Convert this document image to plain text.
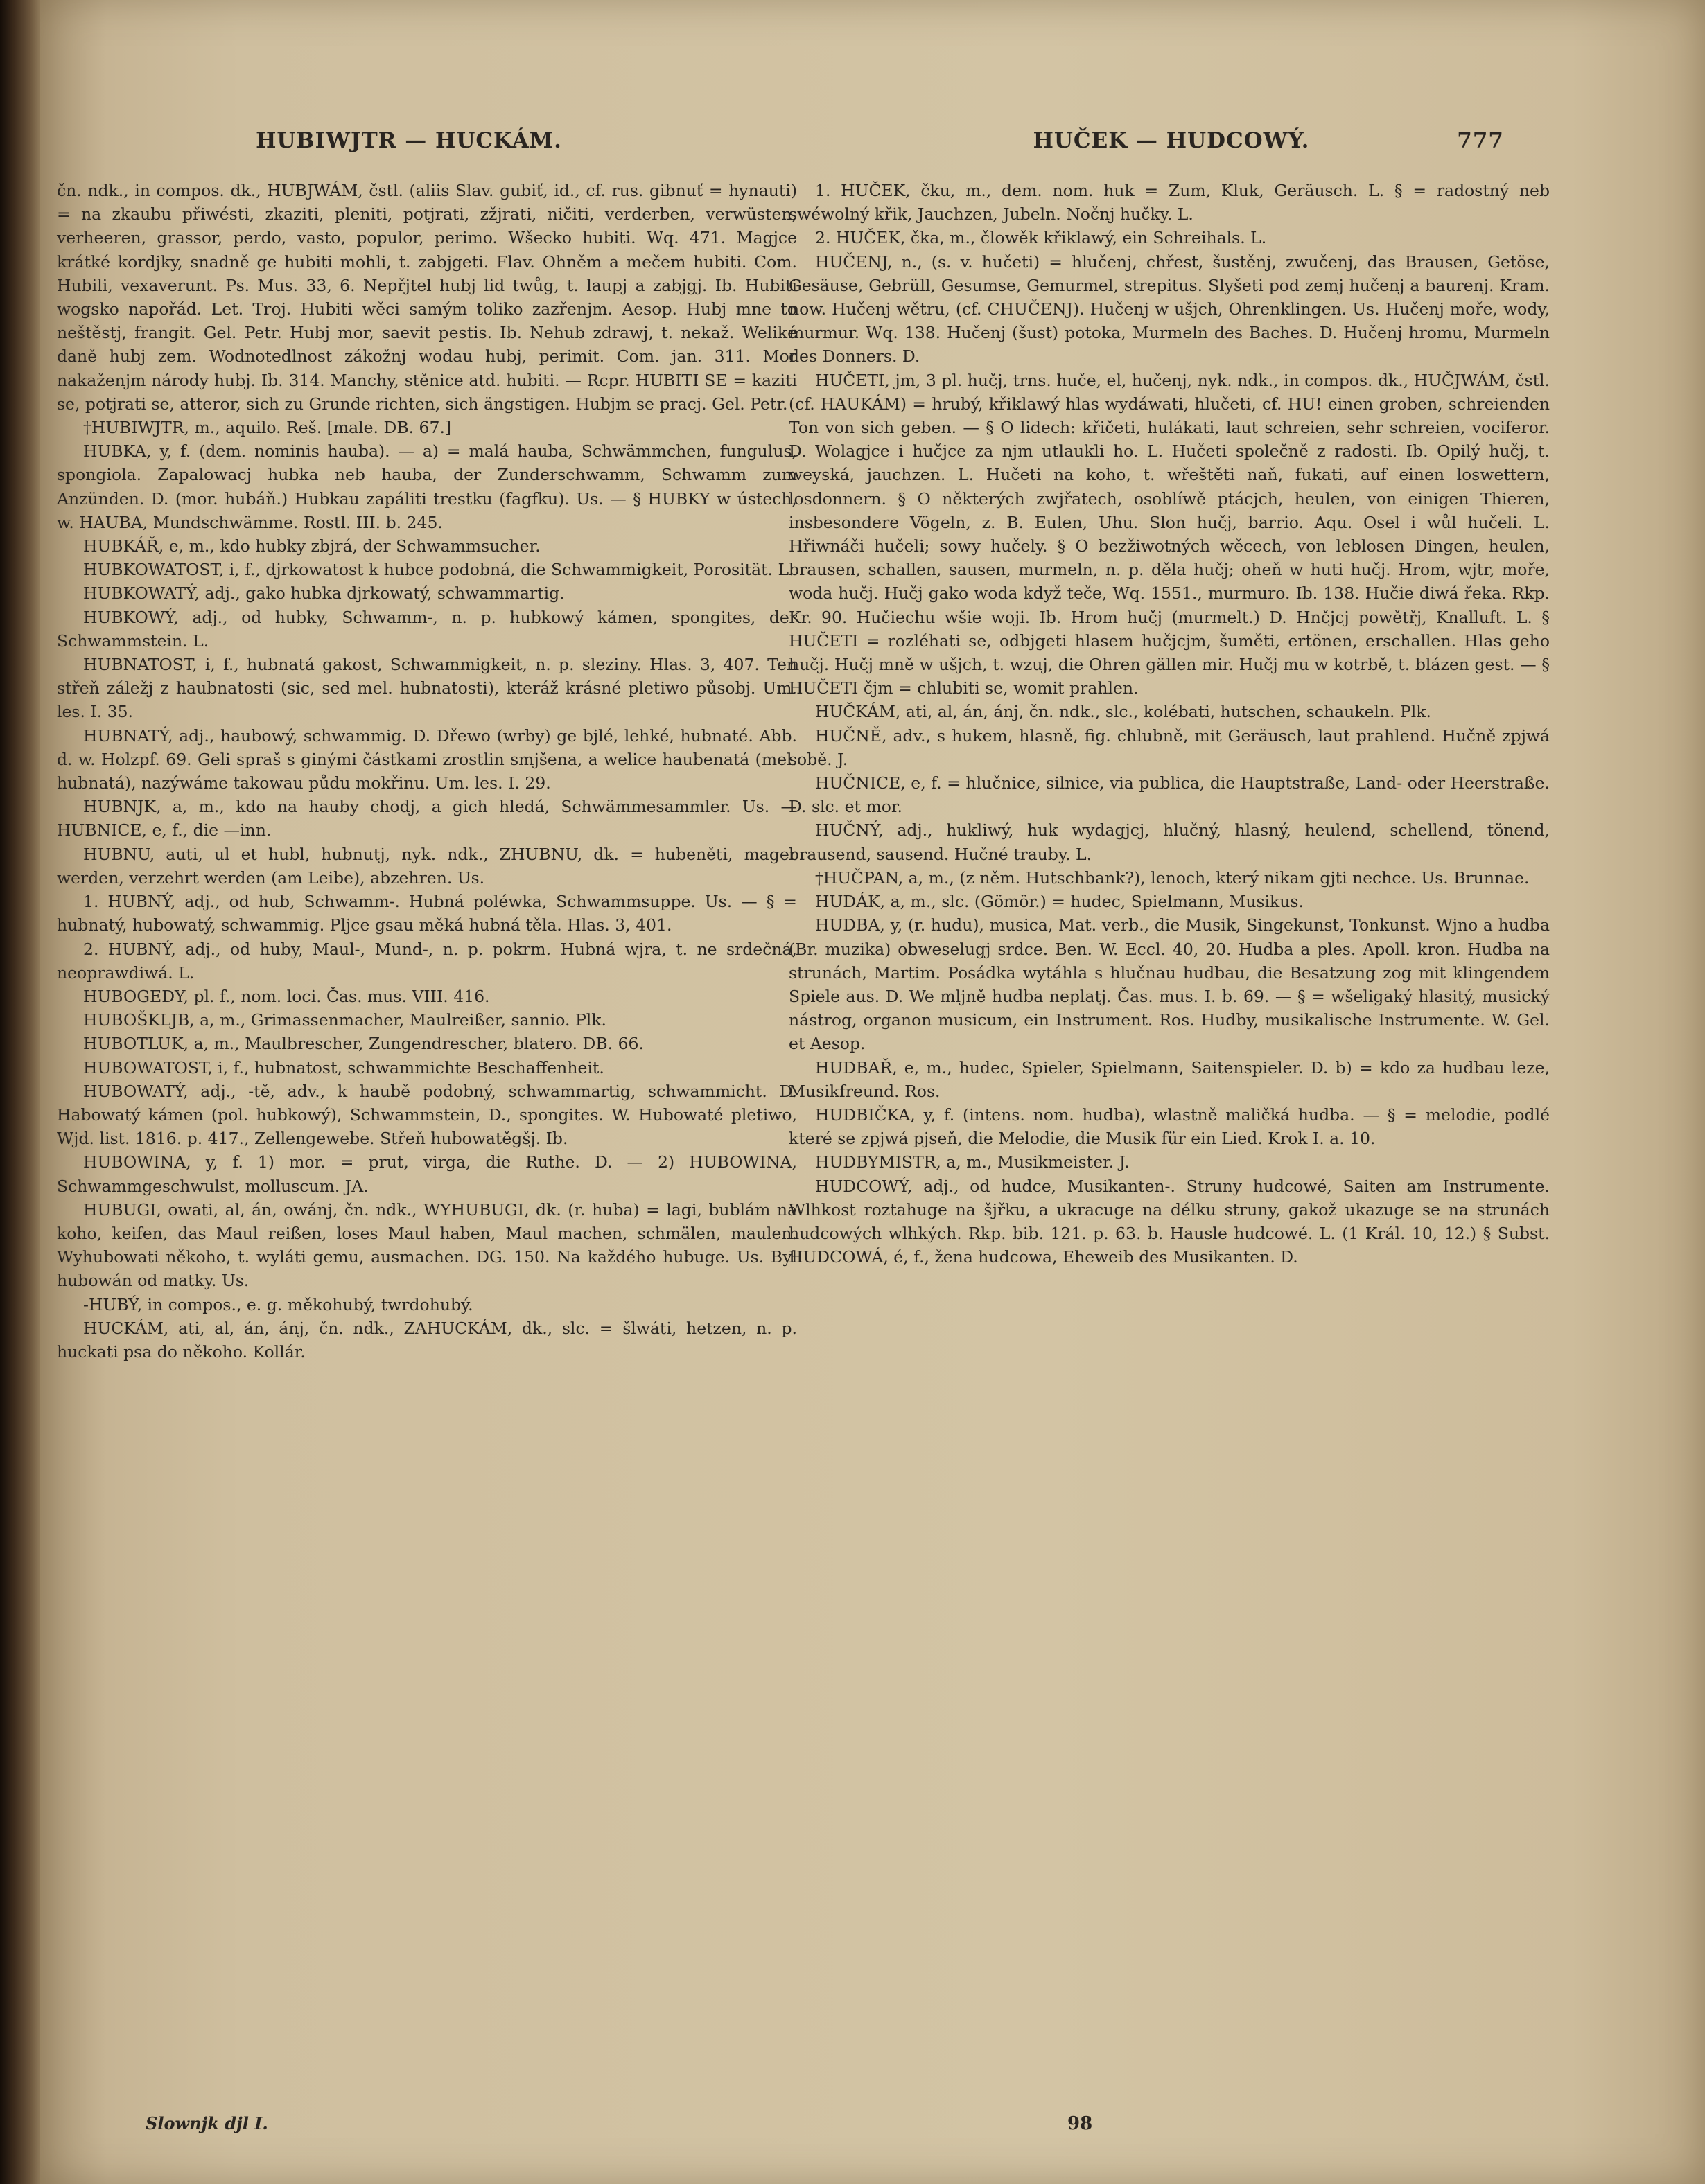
HUBIWJTR — HUCKÁM.	HUČEK — HUDCOWÝ.	777

čn. ndk., in compos. dk., HUBJWÁM, čstl. (aliis Slav. gubiť, id., cf. rus. gibnuť = hynauti) = na zkaubu přiwésti, zkaziti, pleniti, potjrati, zžjrati, ničiti, verderben, verwüsten, verheeren, grassor, perdo, vasto, populor, perimo. Wšecko hubiti. Wq. 471. Magjce krátké kordjky, snadně ge hubiti mohli, t. zabjgeti. Flav. Ohněm a mečem hubiti. Com. Hubili, vexaverunt. Ps. Mus. 33, 6. Nepřjtel hubj lid twůg, t. laupj a zabjgj. Ib. Hubiti wogsko napořád. Let. Troj. Hubiti wěci samým toliko zazřenjm. Aesop. Hubj mne to neštěstj, frangit. Gel. Petr. Hubj mor, saevit pestis. Ib. Nehub zdrawj, t. nekaž. Weliké daně hubj zem. Wodnotedlnost zákožnj wodau hubj, perimit. Com. jan. 311. Mor nakaženjm národy hubj. Ib. 314. Manchy, stěnice atd. hubiti. — Rcpr. HUBITI SE = kaziti se, potjrati se, atteror, sich zu Grunde richten, sich ängstigen. Hubjm se pracj. Gel. Petr.

†HUBIWJTR, m., aquilo. Reš. [male. DB. 67.]

HUBKA, y, f. (dem. nominis hauba). — a) = malá hauba, Schwämmchen, fungulus, spongiola. Zapalowacj hubka neb hauba, der Zunderschwamm, Schwamm zum Anzünden. D. (mor. hubáň.) Hubkau zapáliti trestku (fagfku). Us. — § HUBKY w ústech, w. HAUBA, Mundschwämme. Rostl. III. b. 245.

HUBKÁŘ, e, m., kdo hubky zbjrá, der Schwammsucher.

HUBKOWATOST, i, f., djrkowatost k hubce podobná, die Schwammigkeit, Porosität. L.

HUBKOWATÝ, adj., gako hubka djrkowatý, schwammartig.

HUBKOWÝ, adj., od hubky, Schwamm-, n. p. hubkowý kámen, spongites, der Schwammstein. L.

HUBNATOST, i, f., hubnatá gakost, Schwammigkeit, n. p. sleziny. Hlas. 3, 407. Ten střeň záležj z haubnatosti (sic, sed mel. hubnatosti), kteráž krásné pletiwo působj. Um. les. I. 35.

HUBNATÝ, adj., haubowý, schwammig. D. Dřewo (wrby) ge bjlé, lehké, hubnaté. Abb. d. w. Holzpf. 69. Geli spraš s ginými částkami zrostlin smjšena, a welice haubenatá (mel. hubnatá), nazýwáme takowau půdu mokřinu. Um. les. I. 29.

HUBNJK, a, m., kdo na hauby chodj, a gich hledá, Schwämmesammler. Us. — HUBNICE, e, f., die —inn.

HUBNU, auti, ul et hubl, hubnutj, nyk. ndk., ZHUBNU, dk. = hubeněti, mager werden, verzehrt werden (am Leibe), abzehren. Us.

1. HUBNÝ, adj., od hub, Schwamm-. Hubná poléwka, Schwammsuppe. Us. — § = hubnatý, hubowatý, schwammig. Pljce gsau měká hubná těla. Hlas. 3, 401.

2. HUBNÝ, adj., od huby, Maul-, Mund-, n. p. pokrm. Hubná wjra, t. ne srdečná, neoprawdiwá. L.

HUBOGEDY, pl. f., nom. loci. Čas. mus. VIII. 416.

HUBOŠKLJB, a, m., Grimassenmacher, Maulreißer, sannio. Plk.

HUBOTLUK, a, m., Maulbrescher, Zungendrescher, blatero. DB. 66.

HUBOWATOST, i, f., hubnatost, schwammichte Beschaffenheit.

HUBOWATÝ, adj., -tě, adv., k haubě podobný, schwammartig, schwammicht. D. Habowatý kámen (pol. hubkowý), Schwammstein, D., spongites. W. Hubowaté pletiwo, Wjd. list. 1816. p. 417., Zellengewebe. Střeň hubowatěgšj. Ib.

HUBOWINA, y, f. 1) mor. = prut, virga, die Ruthe. D. — 2) HUBOWINA, Schwammgeschwulst, molluscum. JA.

HUBUGI, owati, al, án, owánj, čn. ndk., WYHUBUGI, dk. (r. huba) = lagi, bublám na koho, keifen, das Maul reißen, loses Maul haben, Maul machen, schmälen, maulen. Wyhubowati někoho, t. wyláti gemu, ausmachen. DG. 150. Na každého hubuge. Us. Byl hubowán od matky. Us.

-HUBÝ, in compos., e. g. měkohubý, twrdohubý.

HUCKÁM, ati, al, án, ánj, čn. ndk., ZAHUCKÁM, dk., slc. = šlwáti, hetzen, n. p. huckati psa do někoho. Kollár.

1. HUČEK, čku, m., dem. nom. huk = Zum, Kluk, Geräusch. L. § = radostný neb swéwolný křik, Jauchzen, Jubeln. Nočnj hučky. L.

2. HUČEK, čka, m., člowěk křiklawý, ein Schreihals. L.

HUČENJ, n., (s. v. hučeti) = hlučenj, chřest, šustěnj, zwučenj, das Brausen, Getöse, Gesäuse, Gebrüll, Gesumse, Gemurmel, strepitus. Slyšeti pod zemj hučenj a baurenj. Kram. now. Hučenj wětru, (cf. CHUČENJ). Hučenj w ušjch, Ohrenklingen. Us. Hučenj moře, wody, murmur. Wq. 138. Hučenj (šust) potoka, Murmeln des Baches. D. Hučenj hromu, Murmeln des Donners. D.

HUČETI, jm, 3 pl. hučj, trns. huče, el, hučenj, nyk. ndk., in compos. dk., HUČJWÁM, čstl. (cf. HAUKÁM) = hrubý, křiklawý hlas wydáwati, hlučeti, cf. HU! einen groben, schreienden Ton von sich geben. — § O lidech: křičeti, hulákati, laut schreien, sehr schreien, vociferor. D. Wolagjce i hučjce za njm utlaukli ho. L. Hučeti společně z radosti. Ib. Opilý hučj, t. weyská, jauchzen. L. Hučeti na koho, t. wřeštěti naň, fukati, auf einen loswettern, losdonnern. § O některých zwjřatech, osoblíwě ptácjch, heulen, von einigen Thieren, insbesondere Vögeln, z. B. Eulen, Uhu. Slon hučj, barrio. Aqu. Osel i wůl hučeli. L. Hřiwnáči hučeli; sowy hučely. § O bezžiwotných wěcech, von leblosen Dingen, heulen, brausen, schallen, sausen, murmeln, n. p. děla hučj; oheň w huti hučj. Hrom, wjtr, moře, woda hučj. Hučj gako woda když teče, Wq. 1551., murmuro. Ib. 138. Hučie diwá řeka. Rkp. Kr. 90. Hučiechu wšie woji. Ib. Hrom hučj (murmelt.) D. Hnčjcj powětřj, Knalluft. L. § HUČETI = rozléhati se, odbjgeti hlasem hučjcjm, šuměti, ertönen, erschallen. Hlas geho hučj. Hučj mně w ušjch, t. wzuj, die Ohren gällen mir. Hučj mu w kotrbě, t. blázen gest. — § HUČETI čjm = chlubiti se, womit prahlen.

HUČKÁM, ati, al, án, ánj, čn. ndk., slc., kolébati, hutschen, schaukeln. Plk.

HUČNĚ, adv., s hukem, hlasně, fig. chlubně, mit Geräusch, laut prahlend. Hučně zpjwá sobě. J.

HUČNICE, e, f. = hlučnice, silnice, via publica, die Hauptstraße, Land- oder Heerstraße. D. slc. et mor.

HUČNÝ, adj., hukliwý, huk wydagjcj, hlučný, hlasný, heulend, schellend, tönend, brausend, sausend. Hučné trauby. L.

†HUČPAN, a, m., (z něm. Hutschbank?), lenoch, který nikam gjti nechce. Us. Brunnae.

HUDÁK, a, m., slc. (Gömör.) = hudec, Spielmann, Musikus.

HUDBA, y, (r. hudu), musica, Mat. verb., die Musik, Singekunst, Tonkunst. Wjno a hudba (Br. muzika) obweselugj srdce. Ben. W. Eccl. 40, 20. Hudba a ples. Apoll. kron. Hudba na strunách, Martim. Posádka wytáhla s hlučnau hudbau, die Besatzung zog mit klingendem Spiele aus. D. We mljně hudba neplatj. Čas. mus. I. b. 69. — § = wšeligaký hlasitý, musický nástrog, organon musicum, ein Instrument. Ros. Hudby, musikalische Instrumente. W. Gel. et Aesop.

HUDBAŘ, e, m., hudec, Spieler, Spielmann, Saitenspieler. D. b) = kdo za hudbau leze, Musikfreund. Ros.

HUDBIČKA, y, f. (intens. nom. hudba), wlastně maličká hudba. — § = melodie, podlé které se zpjwá pjseň, die Melodie, die Musik für ein Lied. Krok I. a. 10.

HUDBYMISTR, a, m., Musikmeister. J.

HUDCOWÝ, adj., od hudce, Musikanten-. Struny hudcowé, Saiten am Instrumente. Wlhkost roztahuge na šjřku, a ukracuge na délku struny, gakož ukazuge se na strunách hudcowých wlhkých. Rkp. bib. 121. p. 63. b. Hausle hudcowé. L. (1 Král. 10, 12.) § Subst. HUDCOWÁ, é, f., žena hudcowa, Eheweib des Musikanten. D.

Slownjk djl I.	98
